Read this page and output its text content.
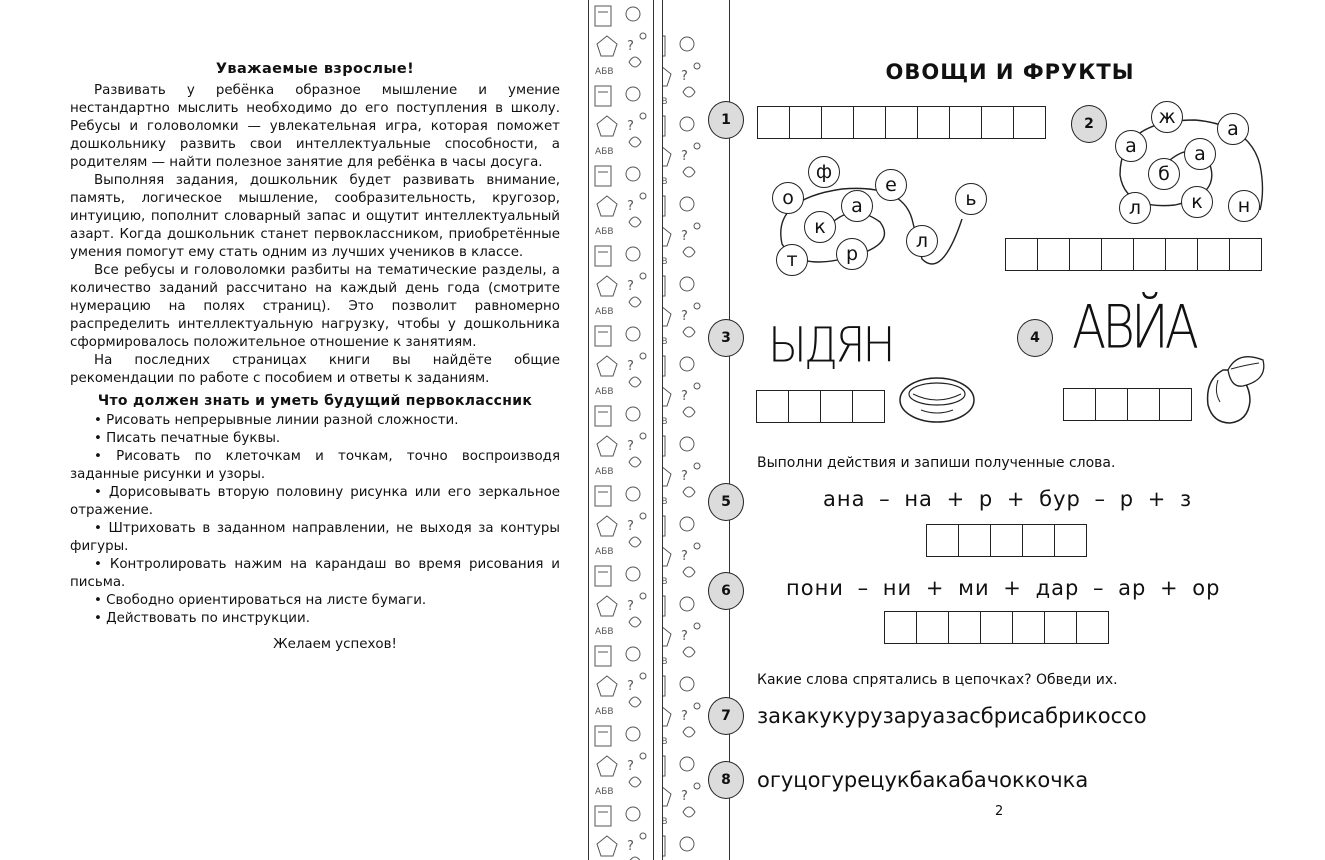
Уважаемые взрослые!

Развивать у ребёнка образное мышление и умение нестандартно мыслить необходимо до его поступления в школу. Ребусы и головоломки — увлекательная игра, которая поможет дошкольнику развить свои интеллектуальные способности, а родителям — найти полезное занятие для ребёнка в часы досуга.

Выполняя задания, дошкольник будет развивать внимание, память, логическое мышление, сообразительность, кругозор, интуицию, пополнит словарный запас и ощутит интеллектуальный азарт. Когда дошкольник станет первоклассником, приобретённые умения помогут ему стать одним из лучших учеников в классе.

Все ребусы и головоломки разбиты на тематические разделы, а количество заданий рассчитано на каждый день года (смотрите нумерацию на полях страниц). Это позволит равномерно распределить интеллектуальную нагрузку, чтобы у дошкольника сформировалось положительное отношение к занятиям.

На последних страницах книги вы найдёте общие рекомендации по работе с пособием и ответы к заданиям.

Что должен знать и уметь будущий первоклассник
• Рисовать непрерывные линии разной сложности.
• Писать печатные буквы.
• Рисовать по клеточкам и точкам, точно воспроизводя заданные рисунки и узоры.
• Дорисовывать вторую половину рисунка или его зеркальное отражение.
• Штриховать в заданном направлении, не выходя за контуры фигуры.
• Контролировать нажим на карандаш во время рисования и письма.
• Свободно ориентироваться на листе бумаги.
• Действовать по инструкции.
Желаем успехов!
ОВОЩИ И ФРУКТЫ
1	2
3	4
5
6
7
8
ф
е
о	а	ь
к
л
т	р
ж
а
а	а
б
л	к	н
ЫДЯН	АВЙА
Выполни действия и запиши полученные слова.
ана – на + р + бур – р + з
пони – ни + ми + дар – ар + ор
Какие слова спрятались в цепочках? Обведи их.
закакукурузаруазасбрисабрикоссо
огуцогурецукбакабачоккочка
2
